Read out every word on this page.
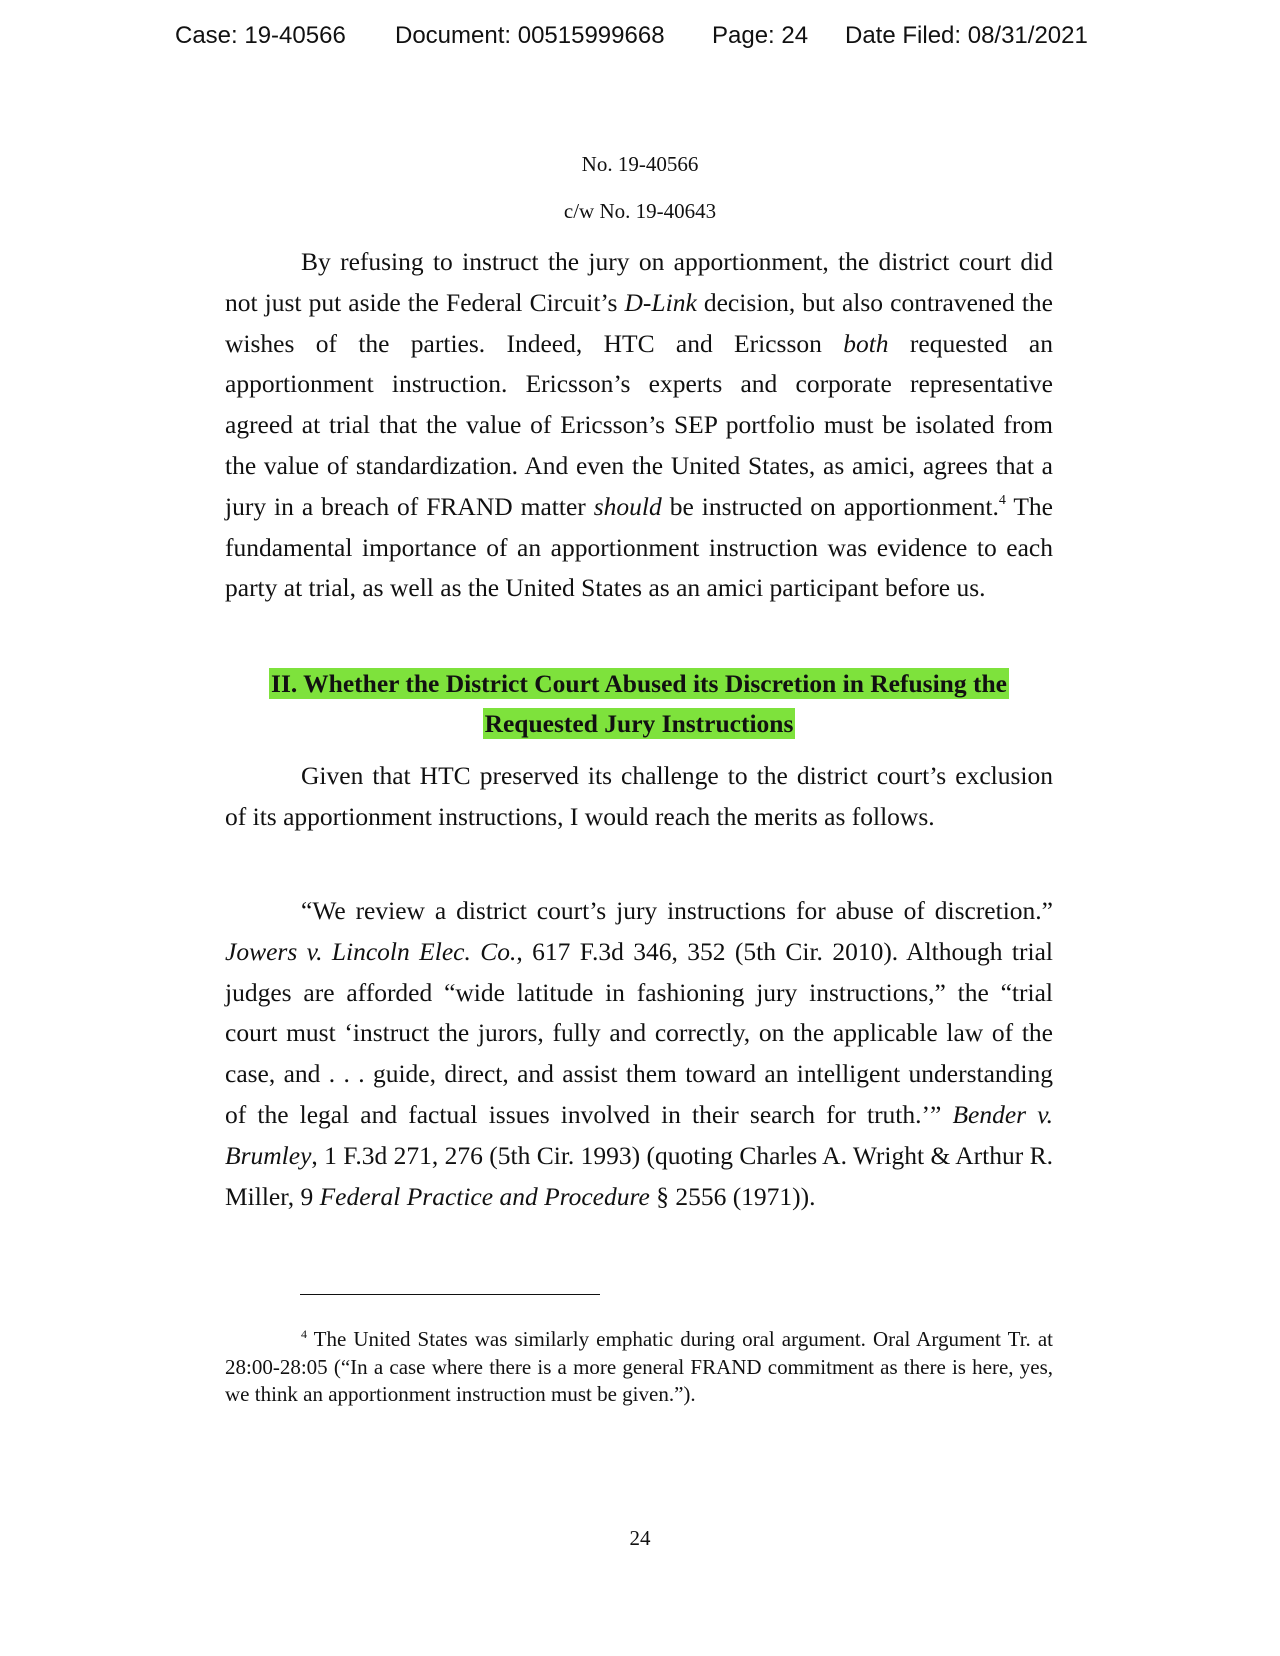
Case: 19-40566 Document: 00515999668 Page: 24 Date Filed: 08/31/2021
No. 19-40566
c/w No. 19-40643

By refusing to instruct the jury on apportionment, the district court did not just put aside the Federal Circuit’s D-Link decision, but also contravened the wishes of the parties. Indeed, HTC and Ericsson both requested an apportionment instruction. Ericsson’s experts and corporate representative agreed at trial that the value of Ericsson’s SEP portfolio must be isolated from the value of standardization. And even the United States, as amici, agrees that a jury in a breach of FRAND matter should be instructed on apportionment.$^4$ The fundamental importance of an apportionment instruction was evidence to each party at trial, as well as the United States as an amici participant before us.

II. Whether the District Court Abused its Discretion in Refusing the
Requested Jury Instructions

Given that HTC preserved its challenge to the district court’s exclusion of its apportionment instructions, I would reach the merits as follows.

“We review a district court’s jury instructions for abuse of discretion.” Jowers v. Lincoln Elec. Co., 617 F.3d 346, 352 (5th Cir. 2010). Although trial judges are afforded “wide latitude in fashioning jury instructions,” the “trial court must ‘instruct the jurors, fully and correctly, on the applicable law of the case, and . . . guide, direct, and assist them toward an intelligent understanding of the legal and factual issues involved in their search for truth.’” Bender v. Brumley, 1 F.3d 271, 276 (5th Cir. 1993) (quoting Charles A. Wright & Arthur R. Miller, 9 Federal Practice and Procedure § 2556 (1971)).

$^4$ The United States was similarly emphatic during oral argument. Oral Argument Tr. at 28:00-28:05 (“In a case where there is a more general FRAND commitment as there is here, yes, we think an apportionment instruction must be given.”).
24
